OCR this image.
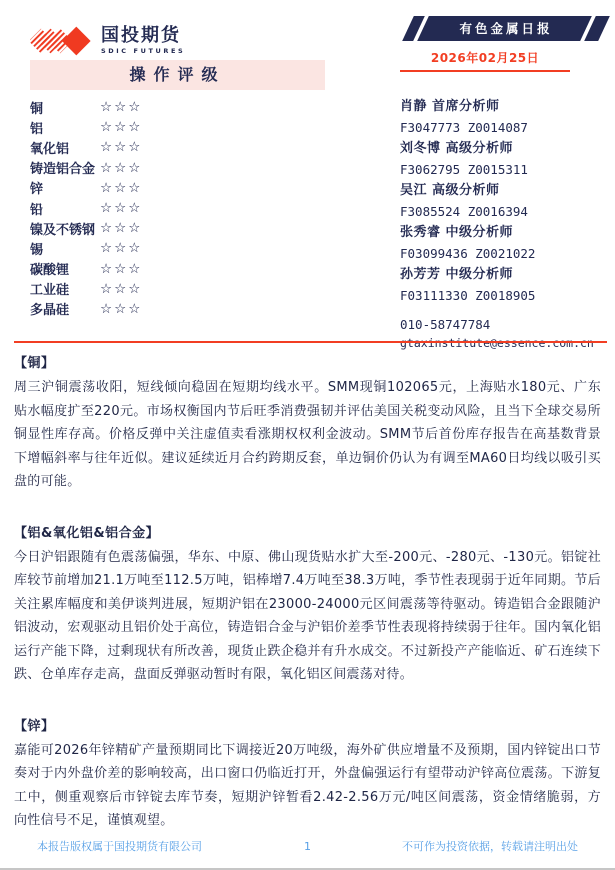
国投期货
SDIC FUTURES
有色金属日报
2026年02月25日
操作评级
铜	☆☆☆
铝	☆☆☆
氧化铝	☆☆☆
铸造铝合金 ☆☆☆
锌	☆☆☆
铅	☆☆☆
镍及不锈钢 ☆☆☆
锡	☆☆☆
碳酸锂	☆☆☆
工业硅	☆☆☆
多晶硅	☆☆☆
肖静 首席分析师
F3047773 Z0014087
刘冬博 高级分析师
F3062795 Z0015311
吴江 高级分析师
F3085524 Z0016394
张秀睿 中级分析师
F03099436 Z0021022
孙芳芳 中级分析师
F03111330 Z0018905
010-58747784
gtaxinstitute@essence.com.cn
【铜】
周三沪铜震荡收阳，短线倾向稳固在短期均线水平。SMM现铜102065元，上海贴水180元、广东贴水幅度扩至220元。市场权衡国内节后旺季消费强韧并评估美国关税变动风险，且当下全球交易所铜显性库存高。价格反弹中关注虚值卖看涨期权权利金波动。SMM节后首份库存报告在高基数背景下增幅斜率与往年近似。建议延续近月合约跨期反套，单边铜价仍认为有调至MA60日均线以吸引买盘的可能。
【铝&氧化铝&铝合金】
今日沪铝跟随有色震荡偏强，华东、中原、佛山现货贴水扩大至-200元、-280元、-130元。铝锭社库较节前增加21.1万吨至112.5万吨，铝棒增7.4万吨至38.3万吨，季节性表现弱于近年同期。节后关注累库幅度和美伊谈判进展，短期沪铝在23000-24000元区间震荡等待驱动。铸造铝合金跟随沪铝波动，宏观驱动且铝价处于高位，铸造铝合金与沪铝价差季节性表现将持续弱于往年。国内氧化铝运行产能下降，过剩现状有所改善，现货止跌企稳并有升水成交。不过新投产产能临近、矿石连续下跌、仓单库存走高，盘面反弹驱动暂时有限，氧化铝区间震荡对待。
【锌】
嘉能可2026年锌精矿产量预期同比下调接近20万吨级，海外矿供应增量不及预期，国内锌锭出口节奏对于内外盘价差的影响较高，出口窗口仍临近打开，外盘偏强运行有望带动沪锌高位震荡。下游复工中，侧重观察后市锌锭去库节奏，短期沪锌暂看2.42-2.56万元/吨区间震荡，资金情绪脆弱，方向性信号不足，谨慎观望。
本报告版权属于国投期货有限公司	1	不可作为投资依据，转载请注明出处
